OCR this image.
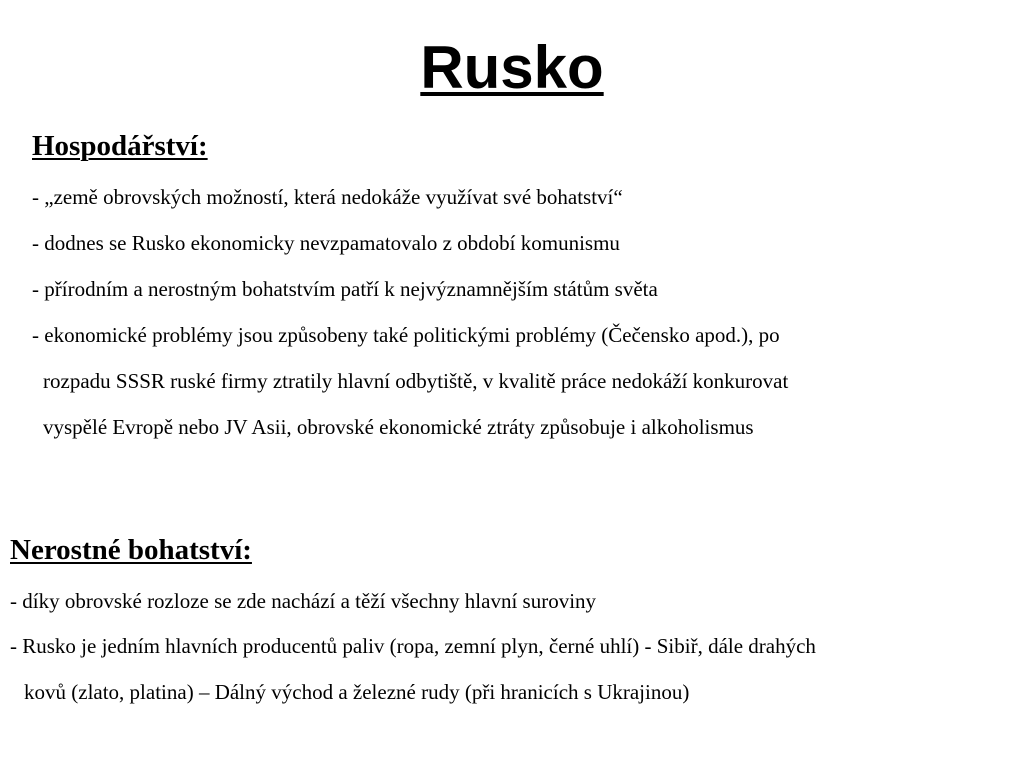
Rusko
Hospodářství:

- „země obrovských možností, která nedokáže využívat své bohatství“

- dodnes se Rusko ekonomicky nevzpamatovalo z období komunismu

- přírodním a nerostným bohatstvím patří k nejvýznamnějším státům světa

- ekonomické problémy jsou způsobeny také politickými problémy (Čečensko apod.), po

rozpadu SSSR ruské firmy ztratily hlavní odbytiště, v kvalitě práce nedokáží konkurovat

vyspělé Evropě nebo JV Asii, obrovské ekonomické ztráty způsobuje i alkoholismus

Nerostné bohatství:

- díky obrovské rozloze se zde nachází a těží všechny hlavní suroviny

- Rusko je jedním hlavních producentů paliv (ropa, zemní plyn, černé uhlí) - Sibiř, dále drahých

kovů (zlato, platina) – Dálný východ a železné rudy (při hranicích s Ukrajinou)
